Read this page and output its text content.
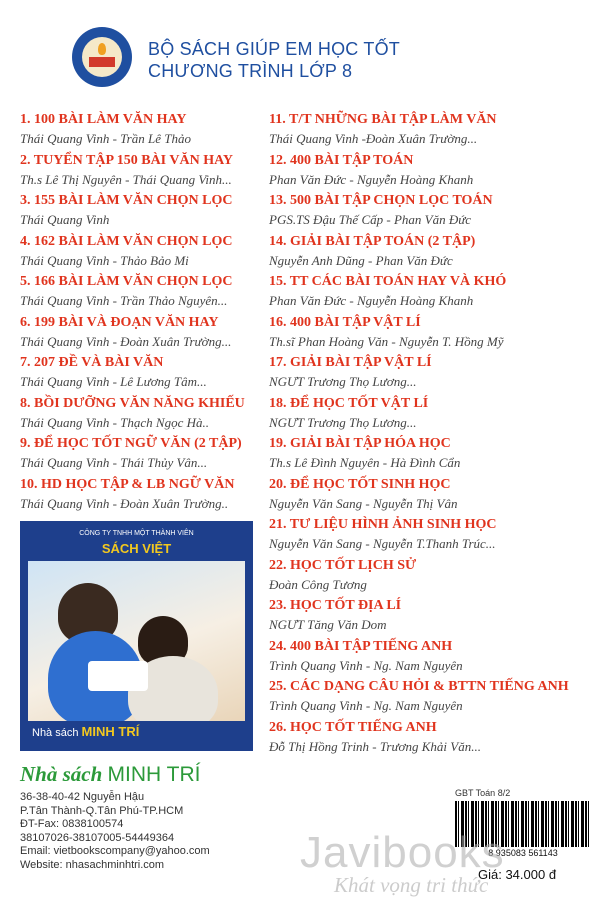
BỘ SÁCH GIÚP EM HỌC TỐT
CHƯƠNG TRÌNH LỚP 8
1. 100 BÀI LÀM VĂN HAY
Thái Quang Vinh - Trần Lê Thảo
2. TUYỂN TẬP 150 BÀI VĂN HAY
Th.s Lê Thị Nguyên - Thái Quang Vinh...
3. 155 BÀI LÀM VĂN CHỌN LỌC
Thái Quang Vinh
4. 162 BÀI LÀM VĂN CHỌN LỌC
Thái Quang Vinh - Thảo Bảo Mi
5. 166 BÀI LÀM VĂN CHỌN LỌC
Thái Quang Vinh - Trần Thảo Nguyên...
6. 199 BÀI VÀ ĐOẠN VĂN HAY
Thái Quang Vinh - Đoàn Xuân Trường...
7. 207 ĐỀ VÀ BÀI VĂN
Thái Quang Vinh - Lê Lương Tâm...
8. BỒI DƯỠNG VĂN NĂNG KHIẾU
Thái Quang Vinh - Thạch Ngọc Hà..
9. ĐỂ HỌC TỐT NGỮ VĂN (2 TẬP)
Thái Quang Vinh - Thái Thủy Vân...
10. HD HỌC TẬP & LB NGỮ VĂN
Thái Quang Vinh - Đoàn Xuân Trường..
11. T/T NHỮNG BÀI TẬP LÀM VĂN
Thái Quang Vinh -Đoàn Xuân Trường...
12. 400 BÀI TẬP TOÁN
Phan Văn Đức - Nguyễn Hoàng Khanh
13. 500 BÀI TẬP CHỌN LỌC TOÁN
PGS.TS Đậu Thế Cấp - Phan Văn Đức
14. GIẢI BÀI TẬP TOÁN (2 TẬP)
Nguyễn Anh Dũng - Phan Văn Đức
15. TT CÁC BÀI TOÁN HAY VÀ KHÓ
Phan Văn Đức - Nguyễn Hoàng Khanh
16. 400 BÀI TẬP VẬT LÍ
Th.sĩ Phan Hoàng Văn - Nguyễn T. Hồng Mỹ
17. GIẢI BÀI TẬP VẬT LÍ
NGƯT Trương Thọ Lương...
18. ĐỂ HỌC TỐT VẬT LÍ
NGƯT Trương Thọ Lương...
19. GIẢI BÀI TẬP HÓA HỌC
Th.s Lê Đình Nguyên - Hà Đình Cẩn
20. ĐỂ HỌC TỐT SINH HỌC
Nguyễn Văn Sang - Nguyễn Thị Vân
21. TƯ LIỆU HÌNH ẢNH SINH HỌC
Nguyễn Văn Sang - Nguyễn T.Thanh Trúc...
22. HỌC TỐT LỊCH SỬ
Đoàn Công Tương
23. HỌC TỐT ĐỊA LÍ
NGƯT Tăng Văn Dom
24. 400 BÀI TẬP TIẾNG ANH
Trình Quang Vinh - Ng. Nam Nguyên
25. CÁC DẠNG CÂU HỎI & BTTN TIẾNG ANH
Trình Quang Vinh - Ng. Nam Nguyên
26. HỌC TỐT TIẾNG ANH
Đỗ Thị Hồng Trinh - Trương Khải Văn...
CÔNG TY TNHH MỘT THÀNH VIÊN
SÁCH VIỆT
Nhà sách MINH TRÍ
Nhà sách MINH TRÍ
36-38-40-42 Nguyễn Hậu
P.Tân Thành-Q.Tân Phú-TP.HCM
ĐT-Fax: 0838100574
38107026-38107005-54449364
Email: vietbookscompany@yahoo.com
Website: nhasachminhtri.com
GBT Toán 8/2
8 935083 561143
Giá: 34.000 đ
Javibooks
Khát vọng tri thức
